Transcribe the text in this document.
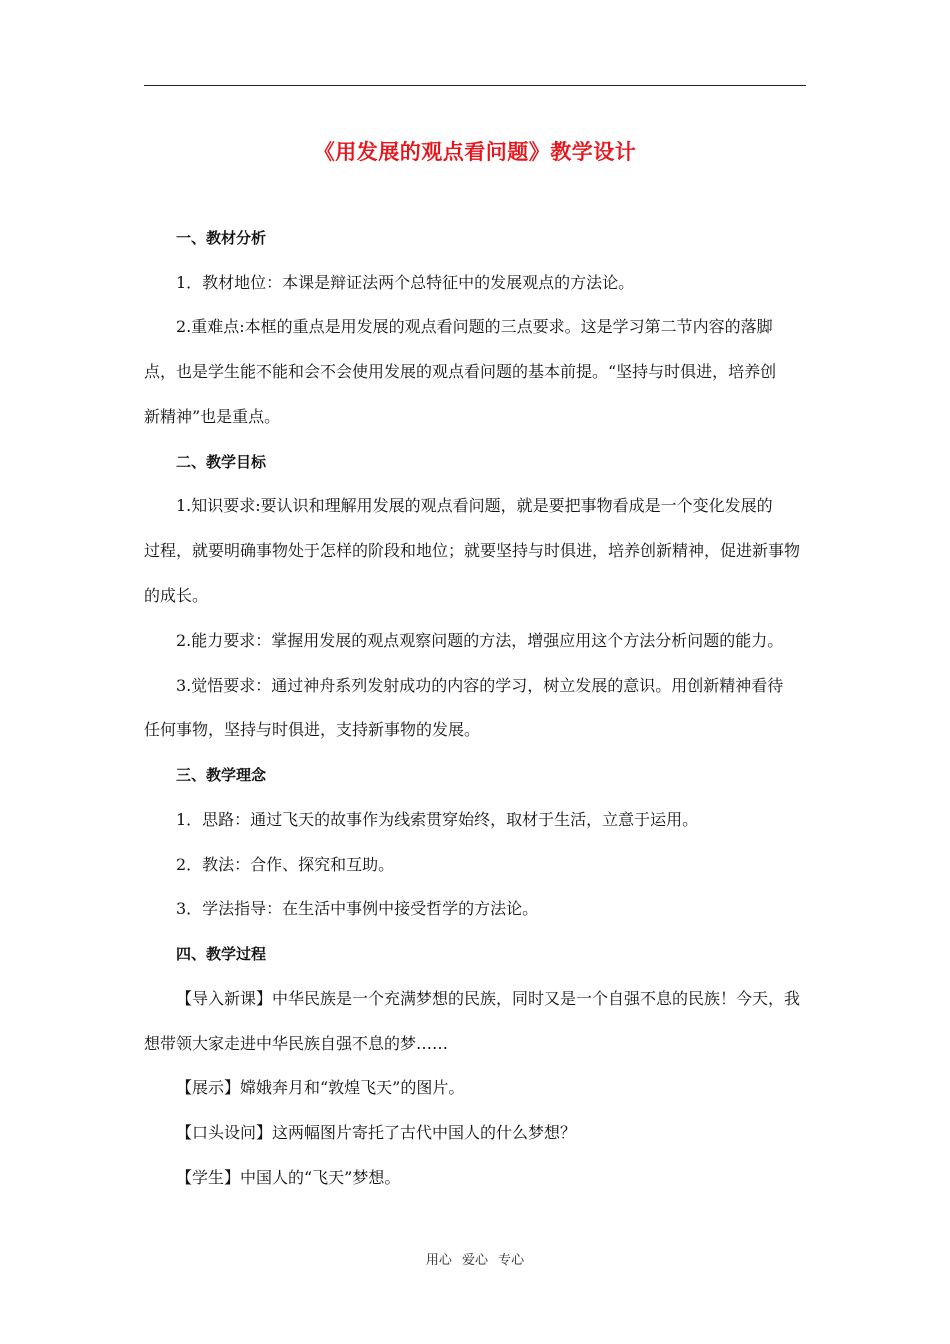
《用发展的观点看问题》教学设计
一、教材分析
1．教材地位：本课是辩证法两个总特征中的发展观点的方法论。
2.重难点:本框的重点是用发展的观点看问题的三点要求。这是学习第二节内容的落脚
点，也是学生能不能和会不会使用发展的观点看问题的基本前提。“坚持与时俱进，培养创
新精神”也是重点。
二、教学目标
1.知识要求:要认识和理解用发展的观点看问题，就是要把事物看成是一个变化发展的
过程，就要明确事物处于怎样的阶段和地位；就要坚持与时俱进，培养创新精神，促进新事物
的成长。
2.能力要求：掌握用发展的观点观察问题的方法，增强应用这个方法分析问题的能力。
3.觉悟要求：通过神舟系列发射成功的内容的学习，树立发展的意识。用创新精神看待
任何事物，坚持与时俱进，支持新事物的发展。
三、教学理念
1．思路：通过飞天的故事作为线索贯穿始终，取材于生活，立意于运用。
2．教法：合作、探究和互助。
3．学法指导：在生活中事例中接受哲学的方法论。
四、教学过程
【导入新课】中华民族是一个充满梦想的民族，同时又是一个自强不息的民族！今天，我
想带领大家走进中华民族自强不息的梦……
【展示】嫦娥奔月和“敦煌飞天”的图片。
【口头设问】这两幅图片寄托了古代中国人的什么梦想？
【学生】中国人的“飞天”梦想。
用心 爱心 专心
